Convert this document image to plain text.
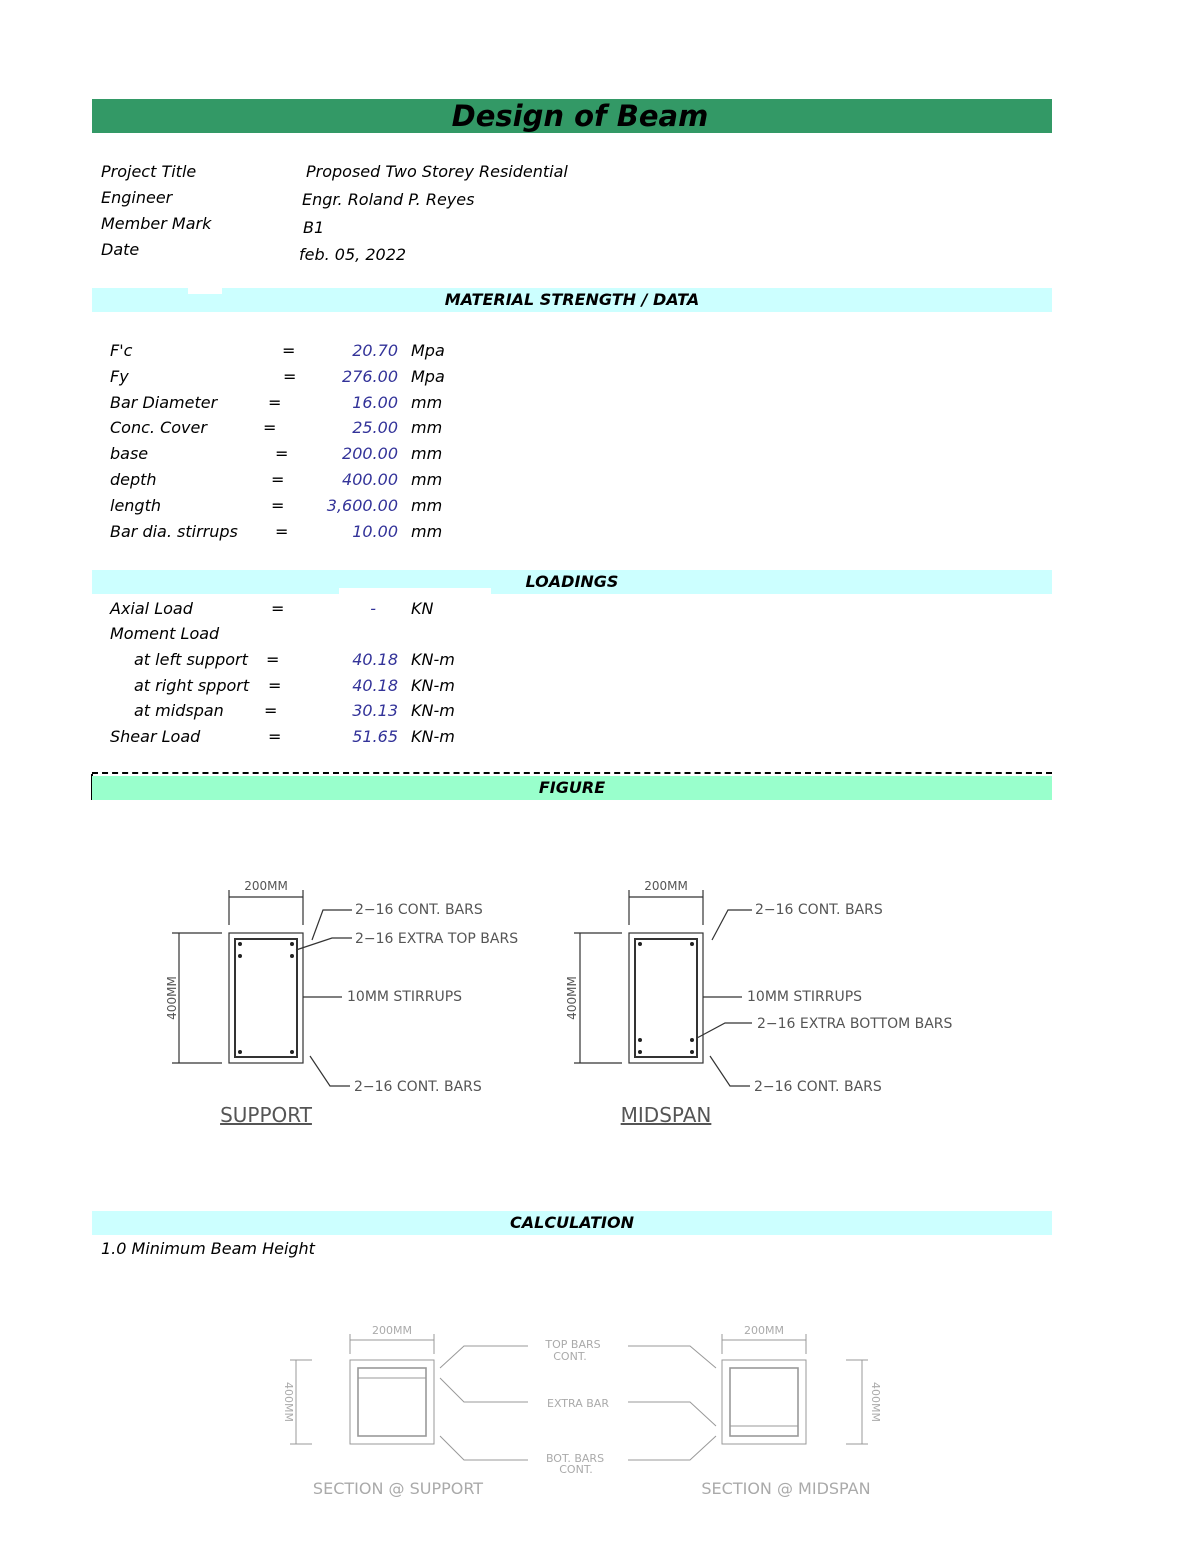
Design of Beam
Project Title	Proposed Two Storey Residential
Engineer	Engr. Roland P. Reyes
Member Mark	B1
Date	feb. 05, 2022
MATERIAL STRENGTH / DATA
F'c	=	20.70 Mpa
Fy	=	276.00 Mpa
Bar Diameter	=	16.00 mm
Conc. Cover	=	25.00 mm
base	=	200.00 mm
depth	=	400.00 mm
length	=	3,600.00 mm
Bar dia. stirrups =	10.00 mm
LOADINGS
Axial Load	=	- KN
Moment Load
at left support =	40.18 KN-m
at right spport =	40.18 KN-m
at midspan	=	30.13 KN-m
Shear Load	=	51.65 KN-m
FIGURE
200MM
400MM
2−16 CONT. BARS
2−16 EXTRA TOP BARS
10MM STIRRUPS
2−16 CONT. BARS
SUPPORT
200MM
400MM
2−16 CONT. BARS
10MM STIRRUPS
2−16 EXTRA BOTTOM BARS
2−16 CONT. BARS
MIDSPAN
CALCULATION
1.0 Minimum Beam Height
200MM
400MM
200MM
400MM
TOP BARS
CONT.
EXTRA BAR
BOT. BARS
CONT.
SECTION @ SUPPORT	SECTION @ MIDSPAN
